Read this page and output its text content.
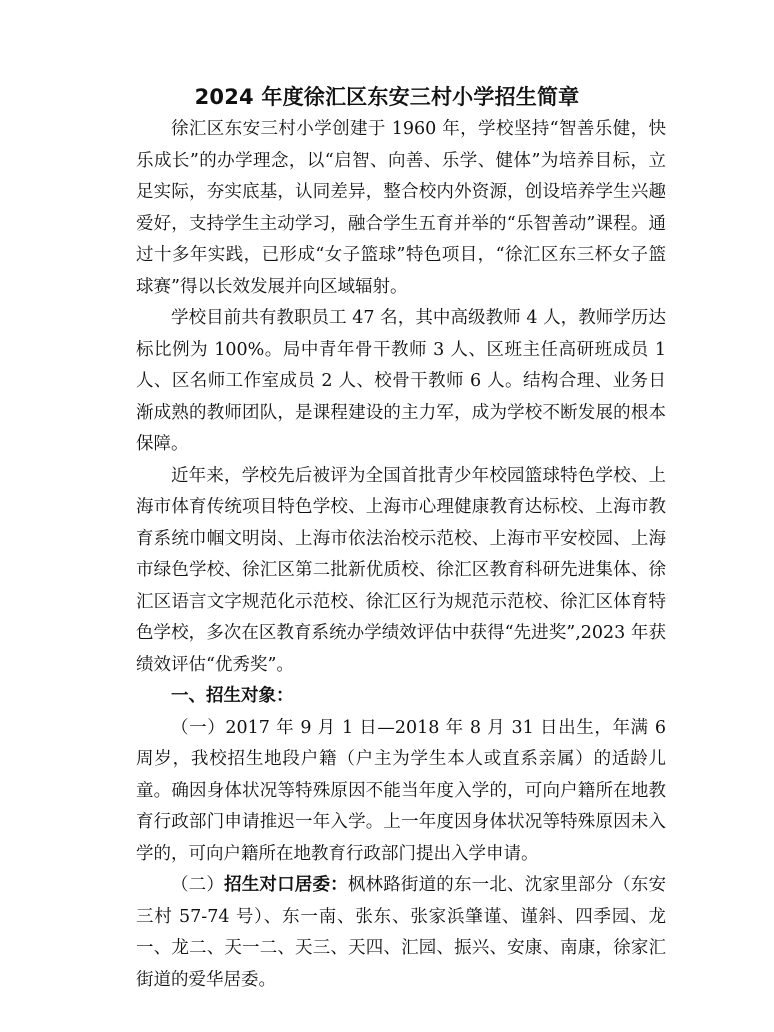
2024 年度徐汇区东安三村小学招生简章

徐汇区东安三村小学创建于 1960 年，学校坚持“智善乐健，快乐成长”的办学理念，以“启智、向善、乐学、健体”为培养目标，立足实际，夯实底基，认同差异，整合校内外资源，创设培养学生兴趣爱好，支持学生主动学习，融合学生五育并举的“乐智善动”课程。通过十多年实践，已形成“女子篮球”特色项目，“徐汇区东三杯女子篮球赛”得以长效发展并向区域辐射。

学校目前共有教职员工 47 名，其中高级教师 4 人，教师学历达标比例为 100%。局中青年骨干教师 3 人、区班主任高研班成员 1 人、区名师工作室成员 2 人、校骨干教师 6 人。结构合理、业务日渐成熟的教师团队，是课程建设的主力军，成为学校不断发展的根本保障。

近年来，学校先后被评为全国首批青少年校园篮球特色学校、上海市体育传统项目特色学校、上海市心理健康教育达标校、上海市教育系统巾帼文明岗、上海市依法治校示范校、上海市平安校园、上海市绿色学校、徐汇区第二批新优质校、徐汇区教育科研先进集体、徐汇区语言文字规范化示范校、徐汇区行为规范示范校、徐汇区体育特色学校，多次在区教育系统办学绩效评估中获得“先进奖”,2023 年获绩效评估“优秀奖”。

一、招生对象：

（一）2017 年 9 月 1 日—2018 年 8 月 31 日出生，年满 6 周岁，我校招生地段户籍（户主为学生本人或直系亲属）的适龄儿童。确因身体状况等特殊原因不能当年度入学的，可向户籍所在地教育行政部门申请推迟一年入学。上一年度因身体状况等特殊原因未入学的，可向户籍所在地教育行政部门提出入学申请。

（二）招生对口居委：枫林路街道的东一北、沈家里部分（东安三村 57-74 号）、东一南、张东、张家浜肇谨、谨斜、四季园、龙一、龙二、天一二、天三、天四、汇园、振兴、安康、南康，徐家汇街道的爱华居委。
